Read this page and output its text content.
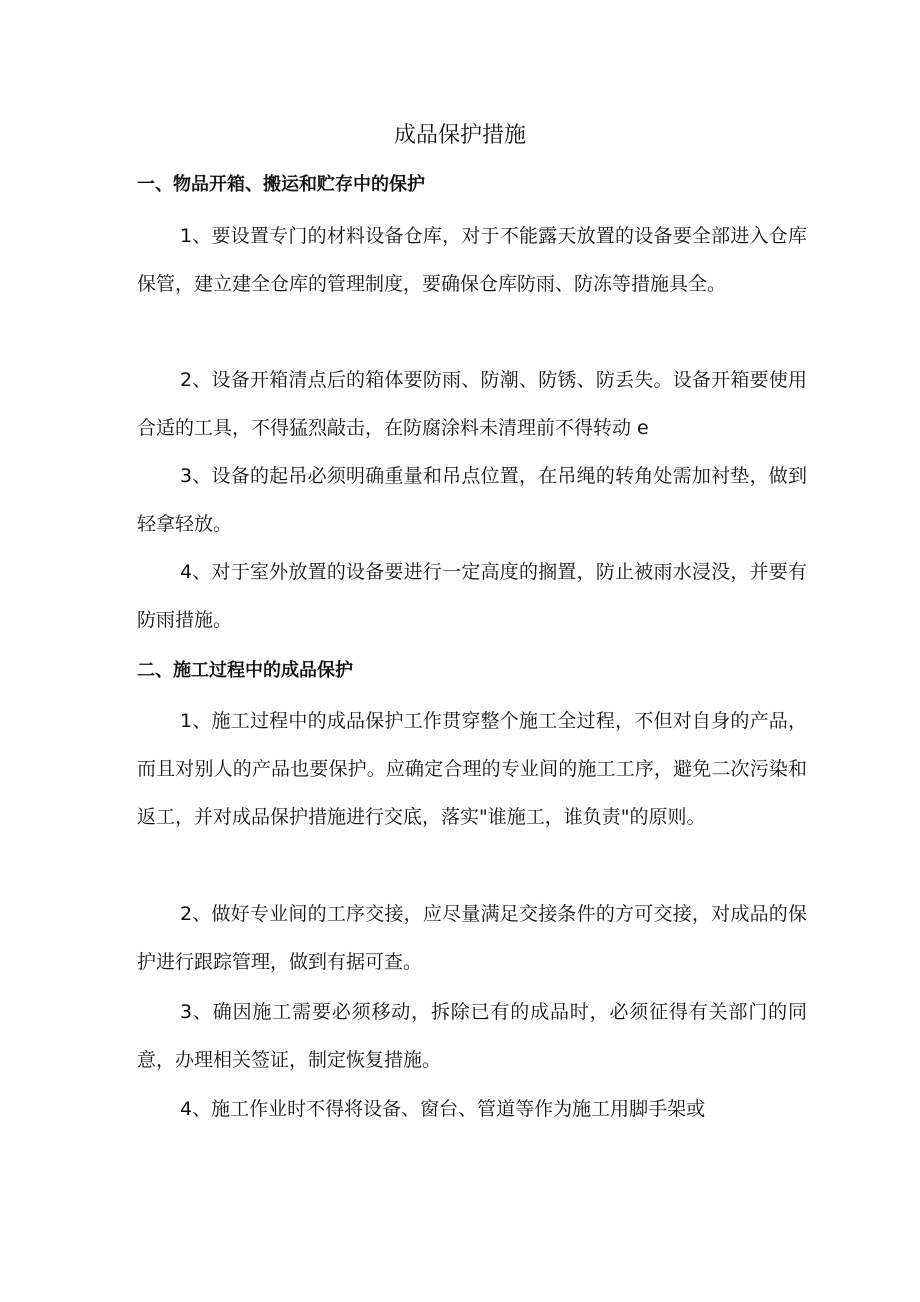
成品保护措施
一、物品开箱、搬运和贮存中的保护

1、要设置专门的材料设备仓库，对于不能露天放置的设备要全部进入仓库保管，建立建全仓库的管理制度，要确保仓库防雨、防冻等措施具全。

2、设备开箱清点后的箱体要防雨、防潮、防锈、防丢失。设备开箱要使用合适的工具，不得猛烈敲击，在防腐涂料未清理前不得转动 e

3、设备的起吊必须明确重量和吊点位置，在吊绳的转角处需加衬垫，做到轻拿轻放。

4、对于室外放置的设备要进行一定高度的搁置，防止被雨水浸没，并要有防雨措施。

二、施工过程中的成品保护

1、施工过程中的成品保护工作贯穿整个施工全过程，不但对自身的产品，而且对别人的产品也要保护。应确定合理的专业间的施工工序，避免二次污染和返工，并对成品保护措施进行交底，落实"谁施工，谁负责"的原则。

2、做好专业间的工序交接，应尽量满足交接条件的方可交接，对成品的保护进行跟踪管理，做到有据可查。

3、确因施工需要必须移动，拆除已有的成品时，必须征得有关部门的同意，办理相关签证，制定恢复措施。

4、施工作业时不得将设备、窗台、管道等作为施工用脚手架或
